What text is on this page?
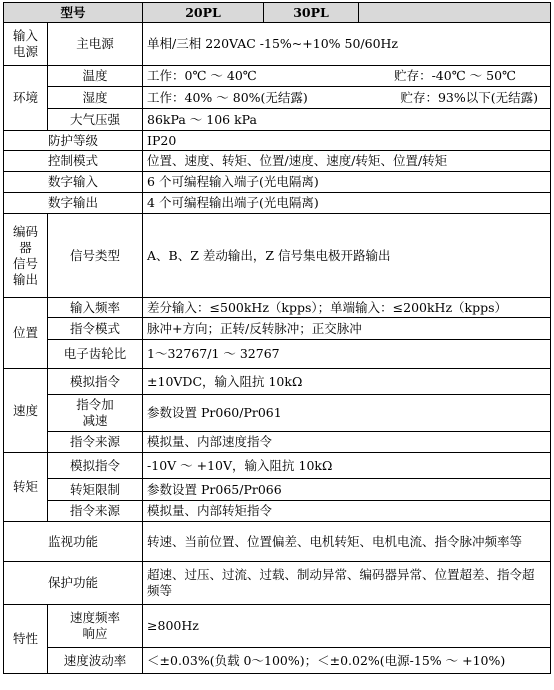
型号		20PL	30PL	
输入
电源	主电源	单相/三相 220VAC -15%~+10% 50/60Hz		
环境	温度	工作：0℃ ～ 40℃ 贮存：-40℃ ～ 50℃		

	湿度	工作：40% ～ 80%(无结露) 贮存：93%以下(无结露)		

	大气压强	86kPa ～ 106 kPa		
防护等级		IP20		
控制模式		位置、速度、转矩、位置/速度、速度/转矩、位置/转矩		
数字输入		6 个可编程输入端子(光电隔离)		
数字输出		4 个可编程输出端子(光电隔离)		
编码
器
信号
输出	信号类型	A、B、Z 差动输出，Z 信号集电极开路输出		
位置	输入频率	差分输入：≤500kHz（kpps）；单端输入：≤200kHz（kpps）		
	指令模式	脉冲+方向；正转/反转脉冲；正交脉冲		
	电子齿轮比	1～32767/1 ～ 32767		
速度	模拟指令	±10VDC，输入阻抗 10kΩ		
	指令加
减速	参数设置 Pr060/Pr061		
	指令来源	模拟量、内部速度指令		
转矩	模拟指令	-10V ～ +10V，输入阻抗 10kΩ		
	转矩限制	参数设置 Pr065/Pr066		
	指令来源	模拟量、内部转矩指令		
监视功能		转速、当前位置、位置偏差、电机转矩、电机电流、指令脉冲频率等		
保护功能		超速、过压、过流、过载、制动异常、编码器异常、位置超差、指令超频等		
特性	速度频率
响应	≥800Hz		
	速度波动率	＜±0.03%(负载 0～100%)；＜±0.02%(电源-15% ～ +10%)		
